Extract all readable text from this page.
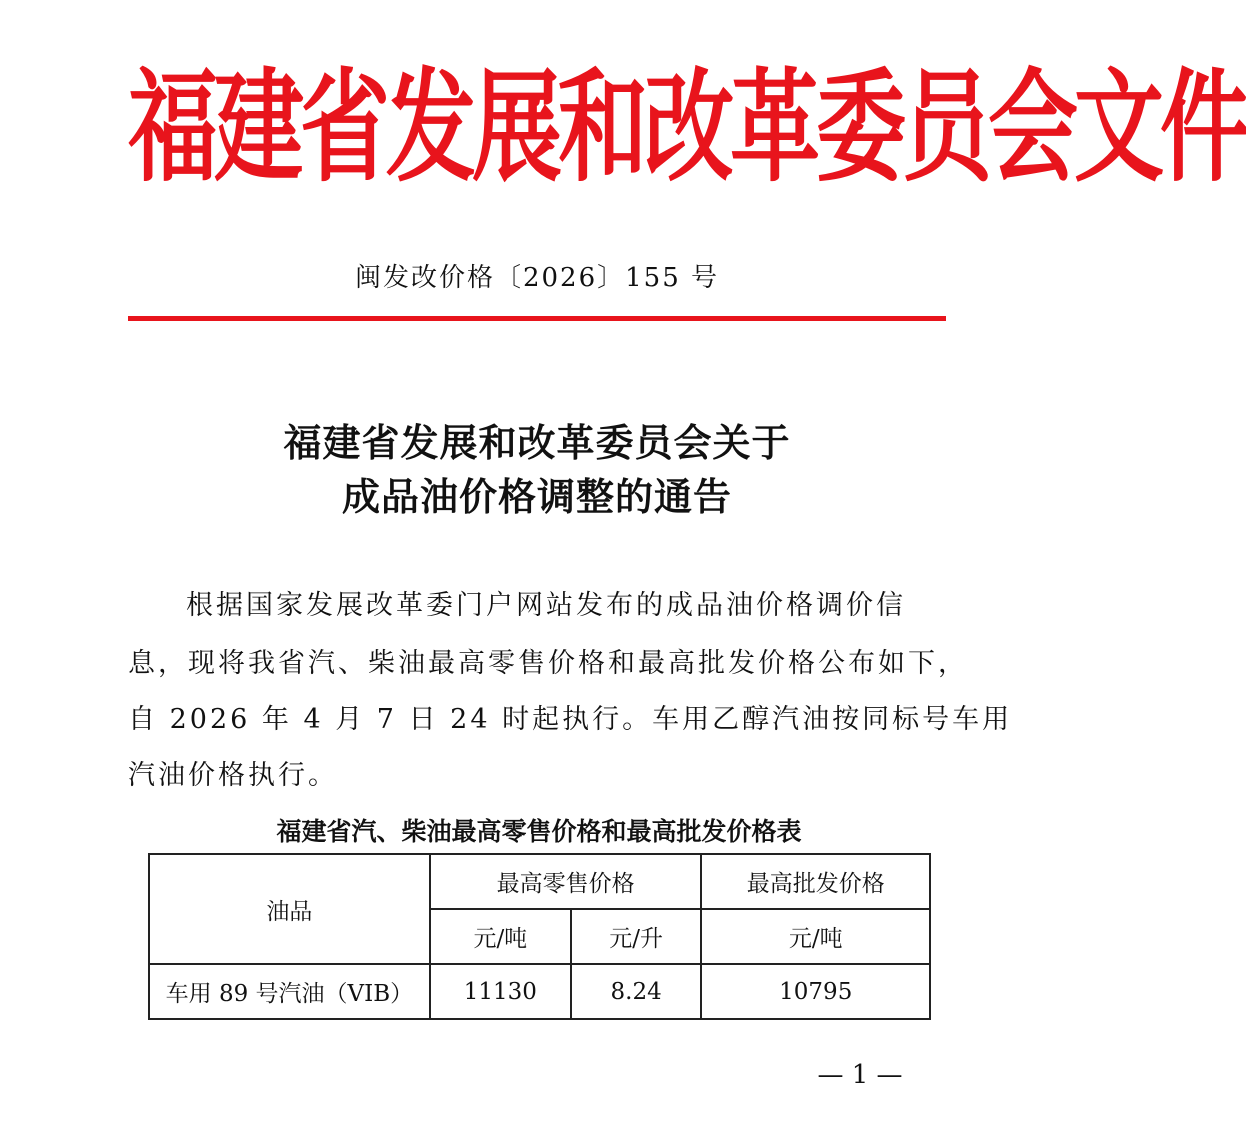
福建省发展和改革委员会文件
闽发改价格〔2026〕155 号
福建省发展和改革委员会关于
成品油价格调整的通告
根据国家发展改革委门户网站发布的成品油价格调价信
息，现将我省汽、柴油最高零售价格和最高批发价格公布如下，
自 2026 年 4 月 7 日 24 时起执行。车用乙醇汽油按同标号车用
汽油价格执行。
福建省汽、柴油最高零售价格和最高批发价格表
油品	最高零售价格		最高批发价格
	元/吨	元/升	元/吨
车用 89 号汽油（VIB）	11130	8.24	10795
— 1 —
